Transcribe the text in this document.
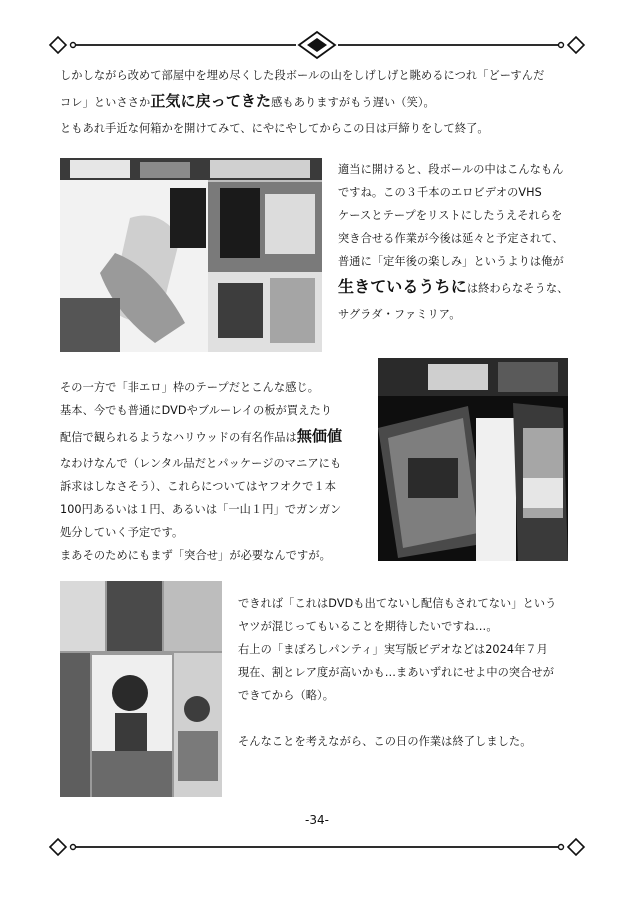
しかしながら改めて部屋中を埋め尽くした段ボールの山をしげしげと眺めるにつれ「どーすんだ
コレ」といささか正気に戻ってきた感もありますがもう遅い（笑）。
ともあれ手近な何箱かを開けてみて、にやにやしてからこの日は戸締りをして終了。
適当に開けると、段ボールの中はこんなもん
ですね。この３千本のエロビデオのVHS
ケースとテープをリストにしたうえそれらを
突き合せる作業が今後は延々と予定されて、
普通に「定年後の楽しみ」というよりは俺が
生きているうちには終わらなそうな、
サグラダ・ファミリア。
その一方で「非エロ」枠のテープだとこんな感じ。
基本、今でも普通にDVDやブルーレイの板が買えたり
配信で観られるようなハリウッドの有名作品は無価値
なわけなんで（レンタル品だとパッケージのマニアにも
訴求はしなさそう）、これらについてはヤフオクで１本
100円あるいは１円、あるいは「一山１円」でガンガン
処分していく予定です。
まあそのためにもまず「突合せ」が必要なんですが。
できれば「これはDVDも出てないし配信もされてない」という
ヤツが混じってもいることを期待したいですね…。
右上の「まぼろしパンティ」実写版ビデオなどは2024年７月
現在、割とレア度が高いかも…まあいずれにせよ中の突合せが
できてから（略）。

そんなことを考えながら、この日の作業は終了しました。
-34-
